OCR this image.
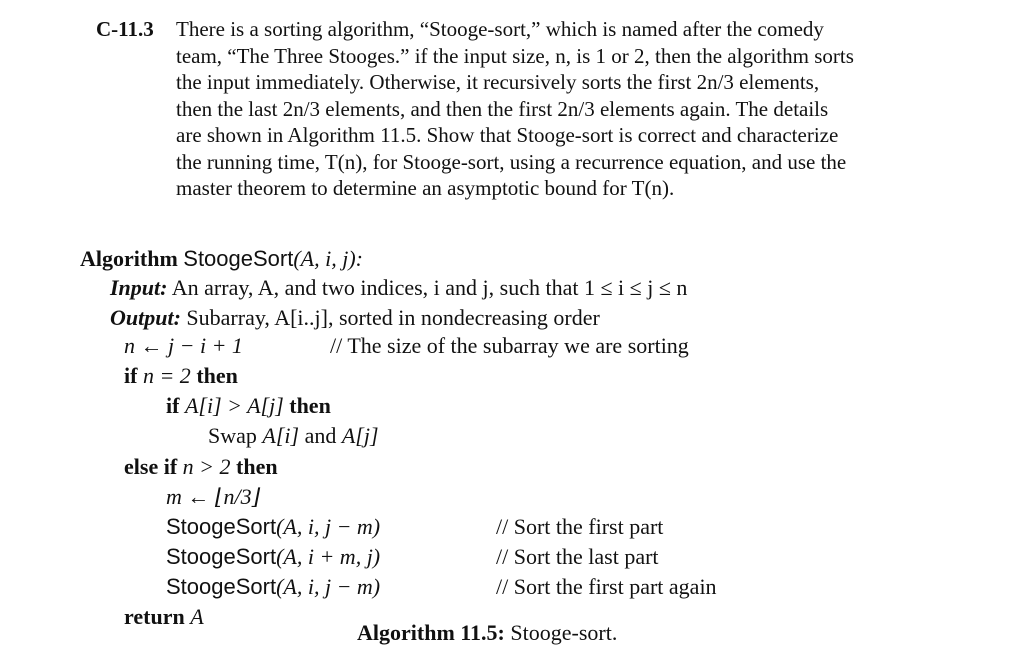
C-11.3 There is a sorting algorithm, “Stooge-sort,” which is named after the comedy
team, “The Three Stooges.” if the input size, n, is 1 or 2, then the algorithm sorts
the input immediately. Otherwise, it recursively sorts the first 2n/3 elements,
then the last 2n/3 elements, and then the first 2n/3 elements again. The details
are shown in Algorithm 11.5. Show that Stooge-sort is correct and characterize
the running time, T(n), for Stooge-sort, using a recurrence equation, and use the
master theorem to determine an asymptotic bound for T(n).
Algorithm StoogeSort(A, i, j):
Input: An array, A, and two indices, i and j, such that 1 ≤ i ≤ j ≤ n
Output: Subarray, A[i..j], sorted in nondecreasing order
n ← j − i + 1	// The size of the subarray we are sorting
if n = 2 then
if A[i] > A[j] then
Swap A[i] and A[j]
else if n > 2 then
m ← ⌊n/3⌋
StoogeSort(A, i, j − m)	// Sort the first part
StoogeSort(A, i + m, j)	// Sort the last part
StoogeSort(A, i, j − m)	// Sort the first part again
return A
Algorithm 11.5: Stooge-sort.
